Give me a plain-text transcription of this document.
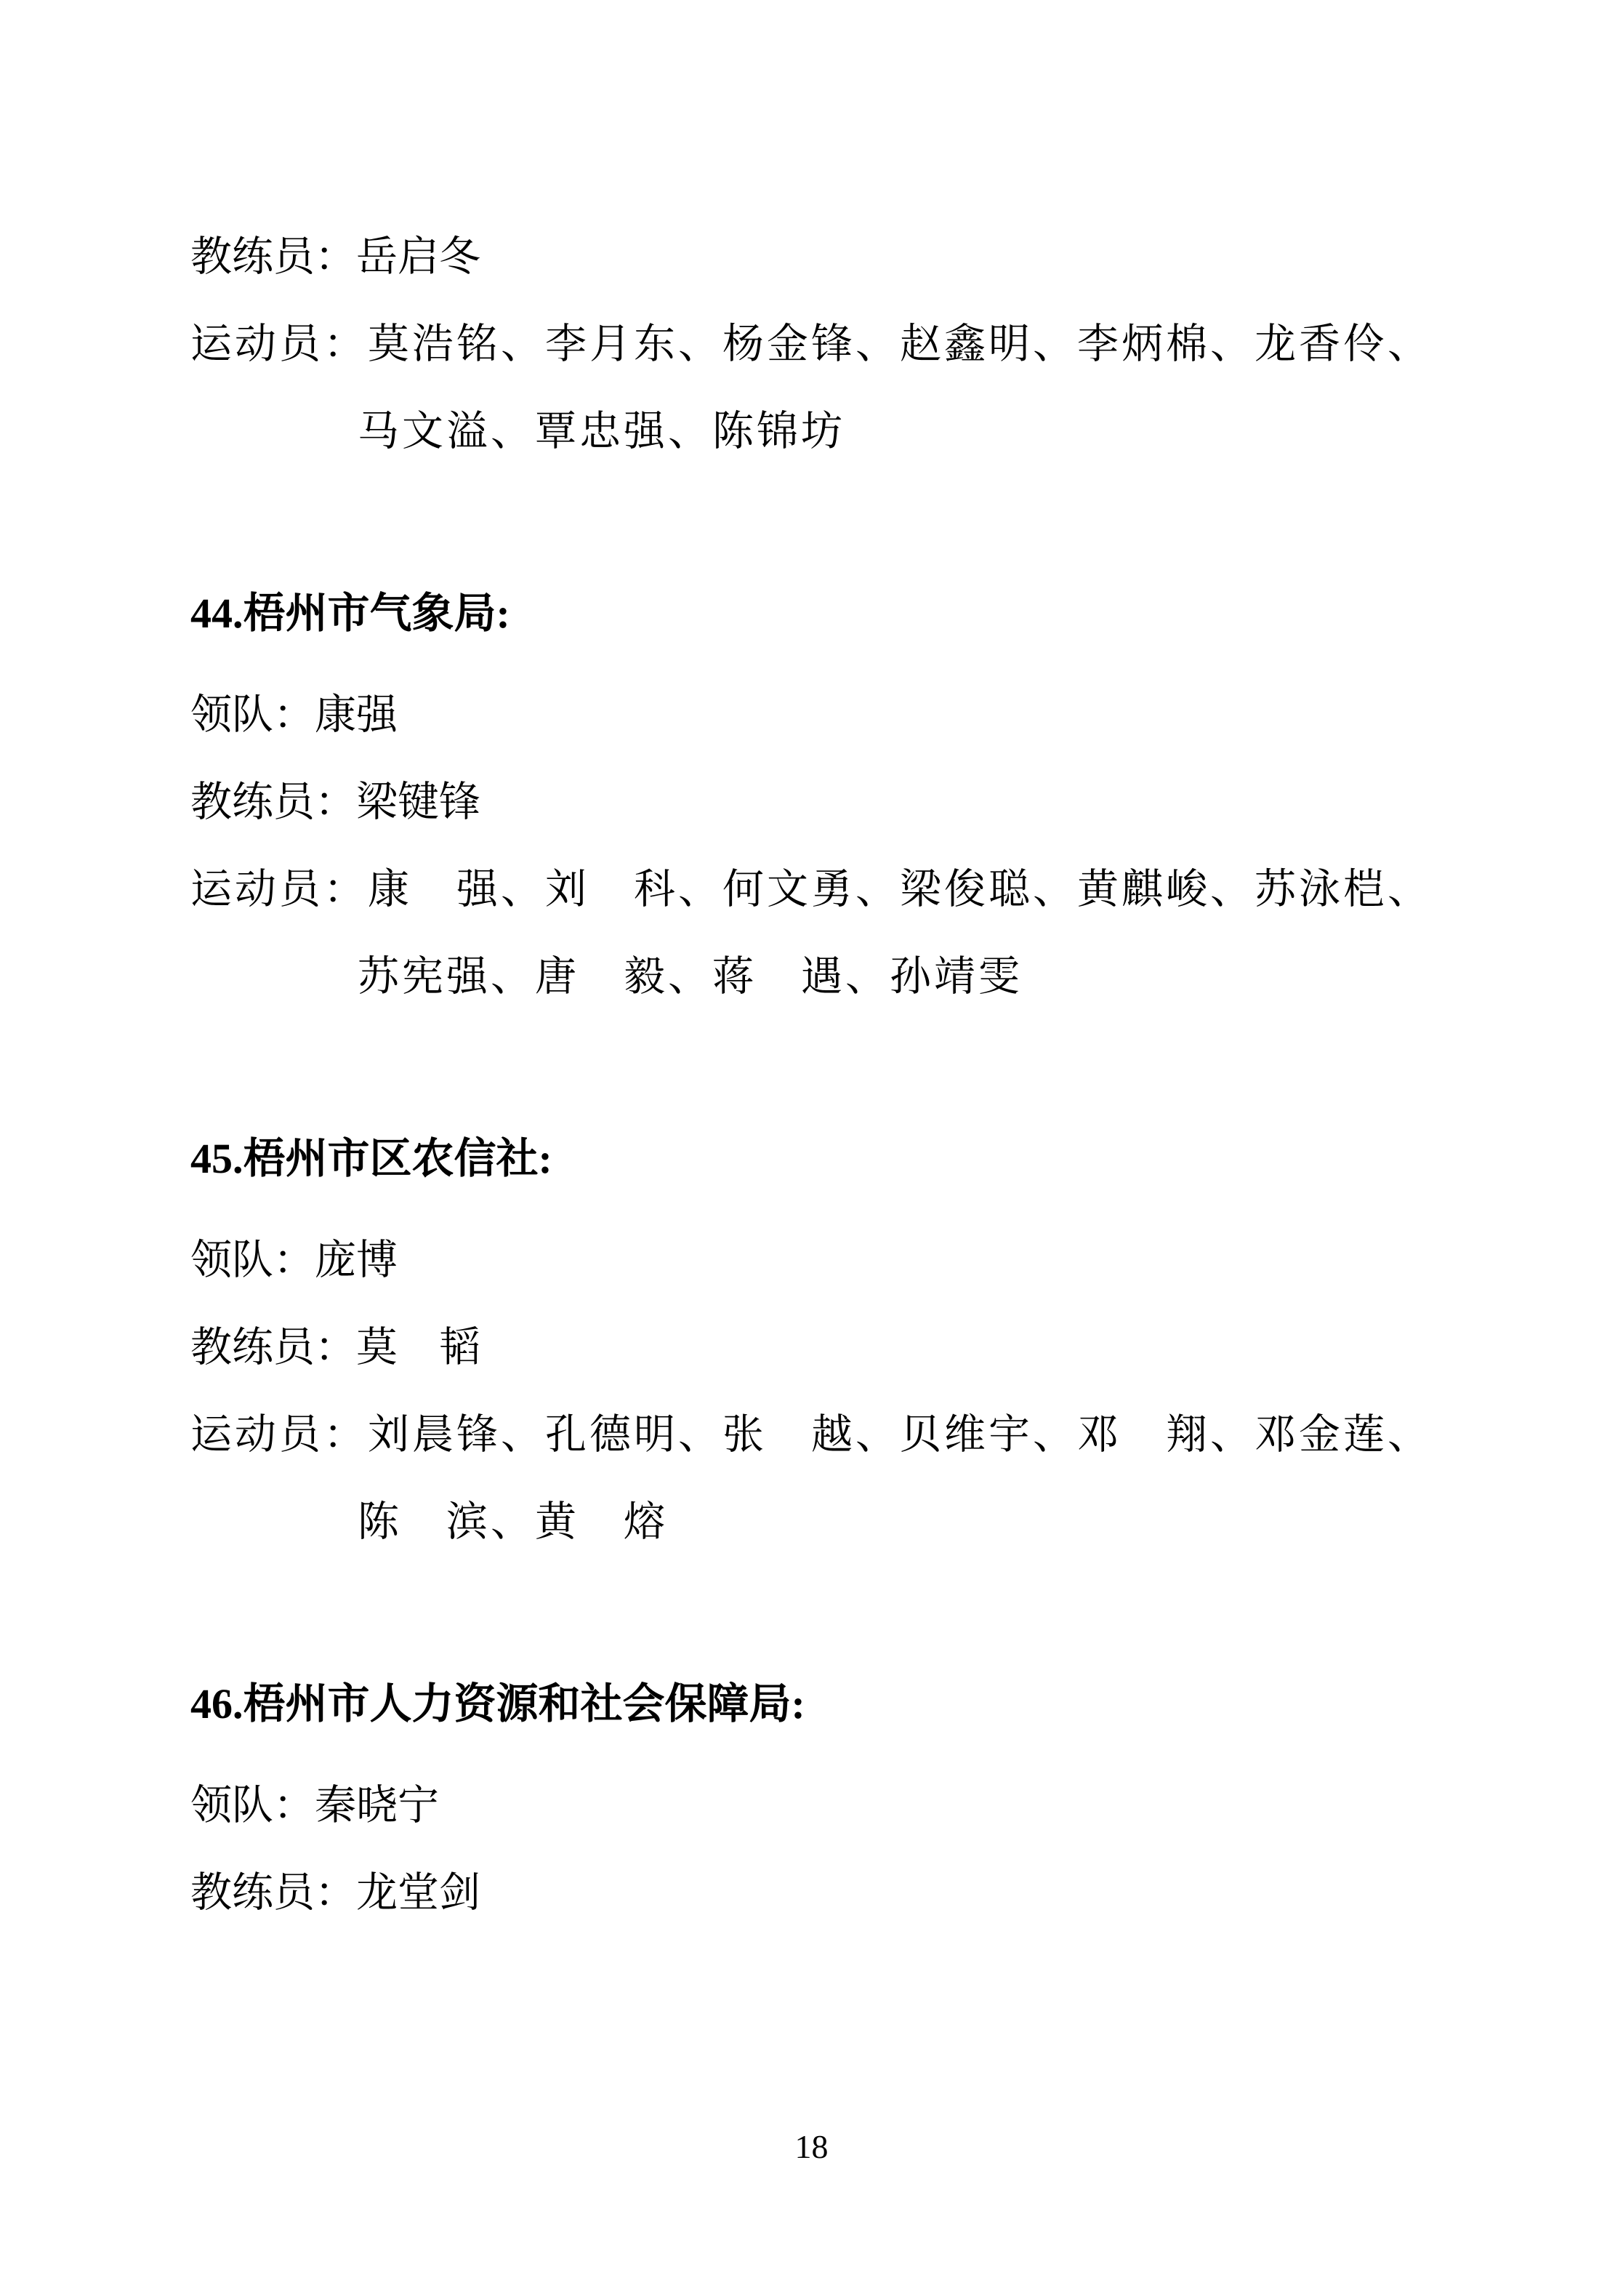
教练员：岳启冬

运动员：莫浩铭、李月东、杨金锋、赵鑫明、李炳棉、龙香伶、

马文溢、覃忠强、陈锦坊

44.梧州市气象局:

领队：康强

教练员：梁键锋

运动员：康　强、刘　科、何文勇、梁俊聪、黄麒峻、苏泳桤、

苏宪强、唐　毅、蒋　遇、孙靖雯

45.梧州市区农信社:

领队：庞博

教练员：莫　韬

运动员：刘晨锋、孔德明、张　越、贝维宇、邓　翔、邓金莲、

陈　滨、黄　熔

46.梧州市人力资源和社会保障局:

领队：秦晓宁

教练员：龙堂剑

18
